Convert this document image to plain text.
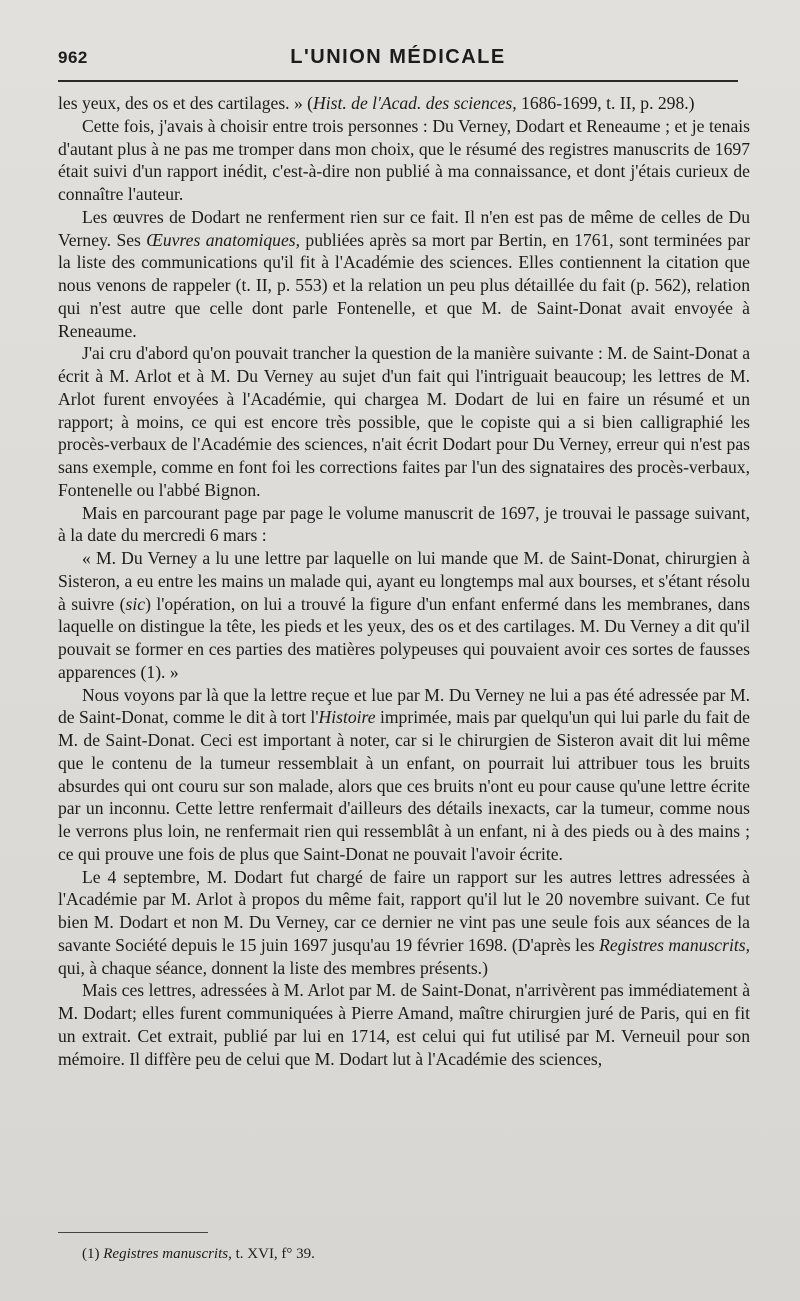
962	L'UNION MÉDICALE

les yeux, des os et des cartilages. » (Hist. de l'Acad. des sciences, 1686-1699, t. II, p. 298.)

Cette fois, j'avais à choisir entre trois personnes : Du Verney, Dodart et Reneaume ; et je tenais d'autant plus à ne pas me tromper dans mon choix, que le résumé des registres manuscrits de 1697 était suivi d'un rapport inédit, c'est-à-dire non publié à ma connaissance, et dont j'étais curieux de connaître l'auteur.

Les œuvres de Dodart ne renferment rien sur ce fait. Il n'en est pas de même de celles de Du Verney. Ses Œuvres anatomiques, publiées après sa mort par Bertin, en 1761, sont terminées par la liste des communications qu'il fit à l'Académie des sciences. Elles contiennent la citation que nous venons de rappeler (t. II, p. 553) et la relation un peu plus détaillée du fait (p. 562), relation qui n'est autre que celle dont parle Fontenelle, et que M. de Saint-Donat avait envoyée à Reneaume.

J'ai cru d'abord qu'on pouvait trancher la question de la manière suivante : M. de Saint-Donat a écrit à M. Arlot et à M. Du Verney au sujet d'un fait qui l'intriguait beaucoup; les lettres de M. Arlot furent envoyées à l'Académie, qui chargea M. Dodart de lui en faire un résumé et un rapport; à moins, ce qui est encore très possible, que le copiste qui a si bien calligraphié les procès-verbaux de l'Académie des sciences, n'ait écrit Dodart pour Du Verney, erreur qui n'est pas sans exemple, comme en font foi les corrections faites par l'un des signataires des procès-verbaux, Fontenelle ou l'abbé Bignon.

Mais en parcourant page par page le volume manuscrit de 1697, je trouvai le passage suivant, à la date du mercredi 6 mars :

« M. Du Verney a lu une lettre par laquelle on lui mande que M. de Saint-Donat, chirurgien à Sisteron, a eu entre les mains un malade qui, ayant eu longtemps mal aux bourses, et s'étant résolu à suivre (sic) l'opération, on lui a trouvé la figure d'un enfant enfermé dans les membranes, dans laquelle on distingue la tête, les pieds et les yeux, des os et des cartilages. M. Du Verney a dit qu'il pouvait se former en ces parties des matières polypeuses qui pouvaient avoir ces sortes de fausses apparences (1). »

Nous voyons par là que la lettre reçue et lue par M. Du Verney ne lui a pas été adressée par M. de Saint-Donat, comme le dit à tort l'Histoire imprimée, mais par quelqu'un qui lui parle du fait de M. de Saint-Donat. Ceci est important à noter, car si le chirurgien de Sisteron avait dit lui même que le contenu de la tumeur ressemblait à un enfant, on pourrait lui attribuer tous les bruits absurdes qui ont couru sur son malade, alors que ces bruits n'ont eu pour cause qu'une lettre écrite par un inconnu. Cette lettre renfermait d'ailleurs des détails inexacts, car la tumeur, comme nous le verrons plus loin, ne renfermait rien qui ressemblât à un enfant, ni à des pieds ou à des mains ; ce qui prouve une fois de plus que Saint-Donat ne pouvait l'avoir écrite.

Le 4 septembre, M. Dodart fut chargé de faire un rapport sur les autres lettres adressées à l'Académie par M. Arlot à propos du même fait, rapport qu'il lut le 20 novembre suivant. Ce fut bien M. Dodart et non M. Du Verney, car ce dernier ne vint pas une seule fois aux séances de la savante Société depuis le 15 juin 1697 jusqu'au 19 février 1698. (D'après les Registres manuscrits, qui, à chaque séance, donnent la liste des membres présents.)

Mais ces lettres, adressées à M. Arlot par M. de Saint-Donat, n'arrivèrent pas immédiatement à M. Dodart; elles furent communiquées à Pierre Amand, maître chirurgien juré de Paris, qui en fit un extrait. Cet extrait, publié par lui en 1714, est celui qui fut utilisé par M. Verneuil pour son mémoire. Il diffère peu de celui que M. Dodart lut à l'Académie des sciences,

(1) Registres manuscrits, t. XVI, f° 39.
